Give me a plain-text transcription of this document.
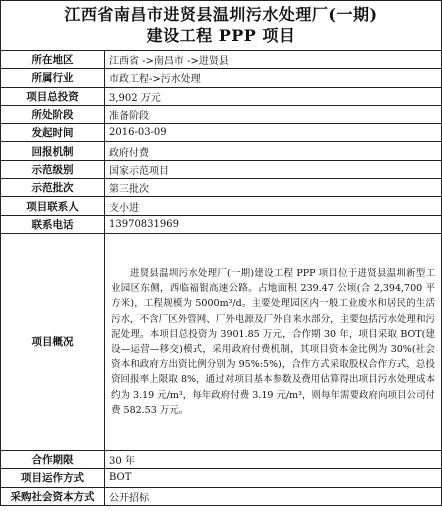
江西省南昌市进贤县温圳污水处理厂(一期)
建设工程 PPP 项目
所在地区	江西省 ->南昌市 ->进贤县
所属行业	市政工程->污水处理
项目总投资	3,902 万元
所处阶段	准备阶段
发起时间	2016-03-09
回报机制	政府付费
示范级别	国家示范项目
示范批次	第三批次
项目联系人	支小进
联系电话	13970831969
项目概况	进贤县温圳污水处理厂(一期)建设工程 PPP 项目位于进贤县温圳新型工业园区东侧，西临福银高速公路。占地面积 239.47 公顷(合 2,394,700 平方米)，工程规模为 5000m³/d。主要处理园区内一般工业废水和居民的生活污水，不含厂区外管网、厂外电源及厂外自来水部分，主要包括污水处理和污泥处理。本项目总投资为 3901.85 万元，合作期 30 年，项目采取 BOT(建设—运营—移交)模式，采用政府付费机制，其项目资本金比例为 30%(社会资本和政府方出资比例分别为 95%:5%)，合作方式采取股权合作方式，总投资回报率上限取 8%，通过对项目基本参数及费用估算得出项目污水处理成本约为 3.19 元/m³，每年政府付费 3.19 元/m³，则每年需要政府向项目公司付费 582.53 万元。

合作期限	30 年
项目运作方式	BOT
采购社会资本方式	公开招标
